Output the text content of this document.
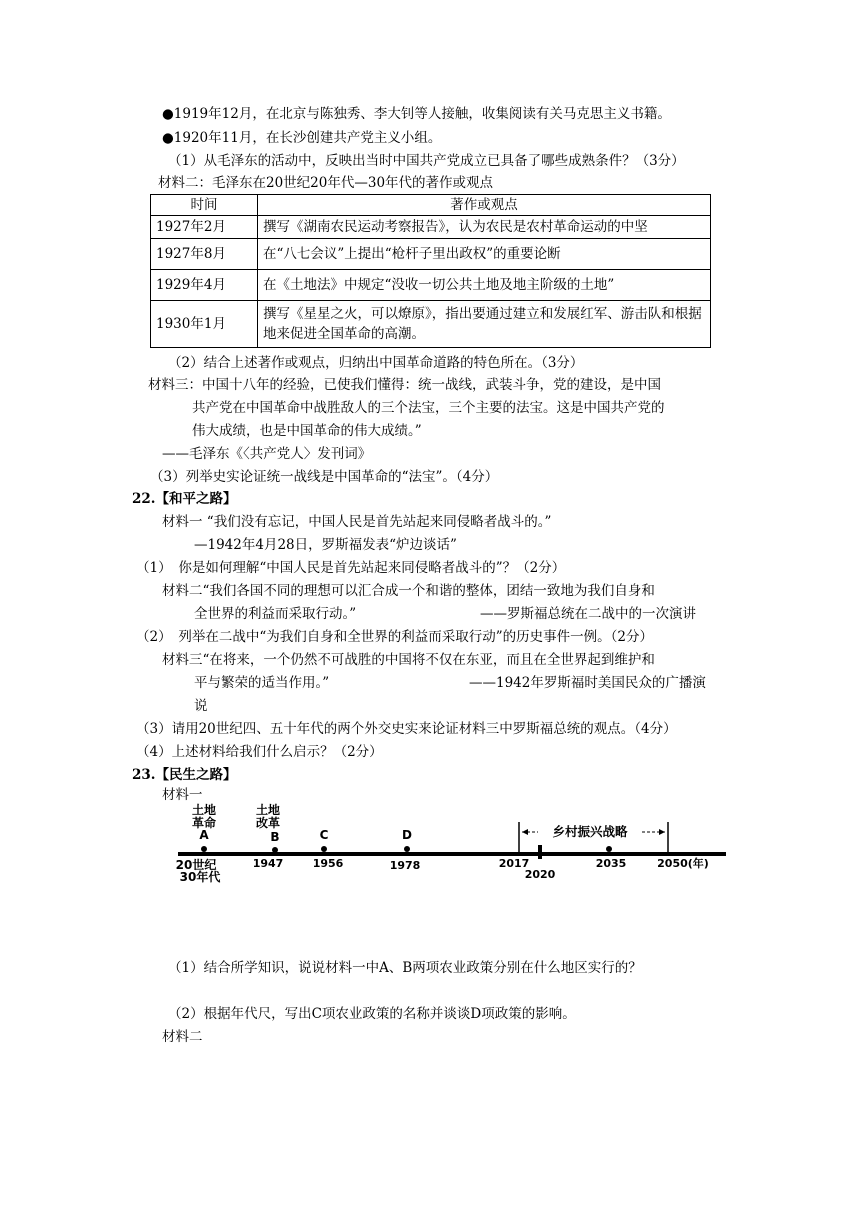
●1919年12月，在北京与陈独秀、李大钊等人接触，收集阅读有关马克思主义书籍。
●1920年11月，在长沙创建共产党主义小组。
（1）从毛泽东的活动中，反映出当时中国共产党成立已具备了哪些成熟条件？（3分）
材料二：毛泽东在20世纪20年代—30年代的著作或观点
时间	著作或观点
1927年2月	撰写《湖南农民运动考察报告》，认为农民是农村革命运动的中坚
1927年8月	在“八七会议”上提出“枪杆子里出政权”的重要论断
1929年4月	在《土地法》中规定“没收一切公共土地及地主阶级的土地”
1930年1月	撰写《星星之火，可以燎原》，指出要通过建立和发展红军、游击队和根据地来促进全国革命的高潮。
（2）结合上述著作或观点，归纳出中国革命道路的特色所在。（3分）
材料三：中国十八年的经验，已使我们懂得：统一战线，武装斗争，党的建设，是中国
共产党在中国革命中战胜敌人的三个法宝，三个主要的法宝。这是中国共产党的
伟大成绩，也是中国革命的伟大成绩。”
——毛泽东《〈共产党人〉发刊词》
（3）列举史实论证统一战线是中国革命的“法宝”。（4分）
22.【和平之路】
材料一 “我们没有忘记，中国人民是首先站起来同侵略者战斗的。”
—1942年4月28日，罗斯福发表“炉边谈话”
（1）　你是如何理解“中国人民是首先站起来同侵略者战斗的”？（2分）
材料二“我们各国不同的理想可以汇合成一个和谐的整体，团结一致地为我们自身和
全世界的利益而采取行动。”	——罗斯福总统在二战中的一次演讲
（2）　列举在二战中“为我们自身和全世界的利益而采取行动”的历史事件一例。（2分）
材料三“在将来，一个仍然不可战胜的中国将不仅在东亚，而且在全世界起到维护和
平与繁荣的适当作用。”	——1942年罗斯福时美国民众的广播演
说
（3）请用20世纪四、五十年代的两个外交史实来论证材料三中罗斯福总统的观点。（4分）
（4）上述材料给我们什么启示？（2分）
23.【民生之路】
材料一
乡村振兴战略
土地
革命
A
土地
改革
B	C	D
20世纪
30年代
1947	1956	1978	2017
2020
2035	2050(年)
（1）结合所学知识，说说材料一中A、B两项农业政策分别在什么地区实行的？
（2）根据年代尺，写出C项农业政策的名称并谈谈D项政策的影响。
材料二
